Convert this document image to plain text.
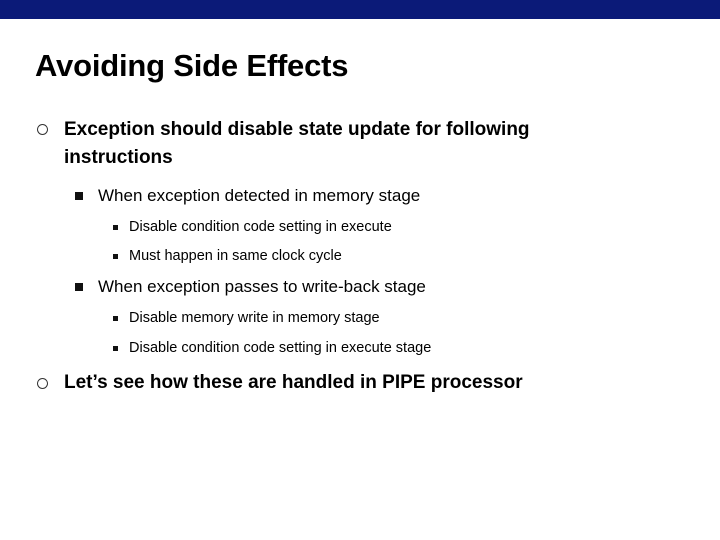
Avoiding Side Effects
Exception should disable state update for following instructions
When exception detected in memory stage
Disable condition code setting in execute
Must happen in same clock cycle
When exception passes to write-back stage
Disable memory write in memory stage
Disable condition code setting in execute stage
Let’s see how these are handled in PIPE processor
